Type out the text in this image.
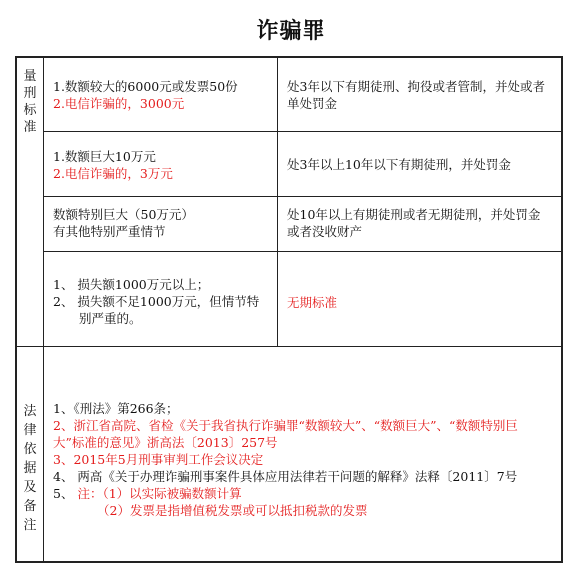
诈骗罪
量刑标准
法律依据及备注
1.数额较大的6000元或发票50份
2.电信诈骗的，3000元
处3年以下有期徒刑、拘役或者管制，并处或者
单处罚金
1.数额巨大10万元
2.电信诈骗的，3万元
处3年以上10年以下有期徒刑，并处罚金
数额特别巨大（50万元）
有其他特别严重情节
处10年以上有期徒刑或者无期徒刑，并处罚金
或者没收财产
1、 损失额1000万元以上；
2、 损失额不足1000万元，但情节特
别严重的。
无期标准
1、《刑法》第266条；
2、浙江省高院、省检《关于我省执行诈骗罪“数额较大”、“数额巨大”、“数额特别巨
大”标准的意见》浙高法〔2013〕257号
3、2015年5月刑事审判工作会议决定
4、 两高《关于办理诈骗刑事案件具体应用法律若干问题的解释》法释〔2011〕7号
5、 注：（1）以实际被骗数额计算
（2）发票是指增值税发票或可以抵扣税款的发票
